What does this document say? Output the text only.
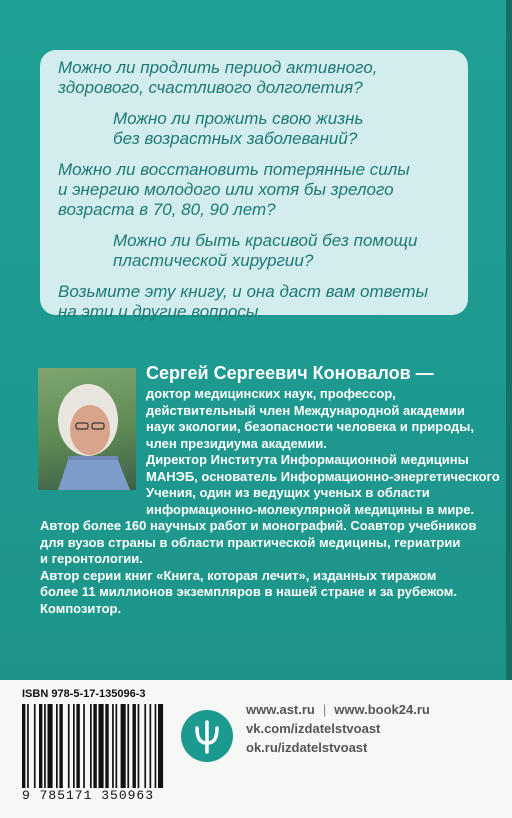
Можно ли продлить период активного,
здорового, счастливого долголетия?

Можно ли прожить свою жизнь
без возрастных заболеваний?

Можно ли восстановить потерянные силы
и энергию молодого или хотя бы зрелого
возраста в 70, 80, 90 лет?

Можно ли быть красивой без помощи
пластической хирургии?

Возьмите эту книгу, и она даст вам ответы
на эти и другие вопросы.

Сергей Сергеевич Коновалов —
доктор медицинских наук, профессор,
действительный член Международной академии
наук экологии, безопасности человека и природы,
член президиума академии.
Директор Института Информационной медицины
МАНЭБ, основатель Информационно-энергетического
Учения, один из ведущих ученых в области
информационно-молекулярной медицины в мире.
Автор более 160 научных работ и монографий. Соавтор учебников
для вузов страны в области практической медицины, гериатрии
и геронтологии.
Автор серии книг «Книга, которая лечит», изданных тиражом
более 11 миллионов экземпляров в нашей стране и за рубежом.
Композитор.
ISBN 978-5-17-135096-3
9 785171 350963
www.ast.ru | www.book24.ru
vk.com/izdatelstvoast
ok.ru/izdatelstvoast
